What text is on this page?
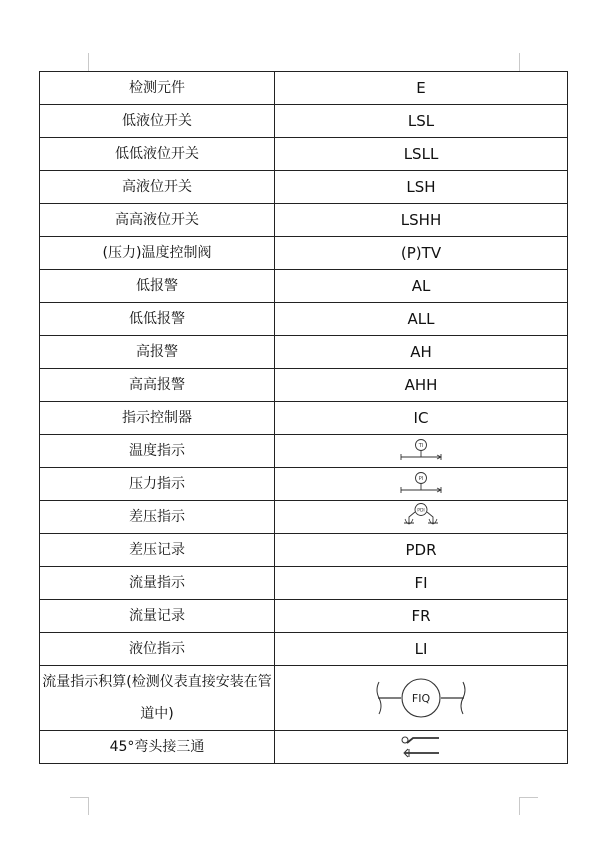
检测元件	E
低液位开关	LSL
低低液位开关	LSLL
高液位开关	LSH
高高液位开关	LSHH
(压力)温度控制阀	(P)TV
低报警	AL
低低报警	ALL
高报警	AH
高高报警	AHH
指示控制器	IC
温度指示	TI

压力指示	PI

差压指示	PDI

差压记录	PDR
流量指示	FI
流量记录	FR
液位指示	LI
流量指示积算(检测仪表直接安装在管道中)	FIQ

45°弯头接三通	
